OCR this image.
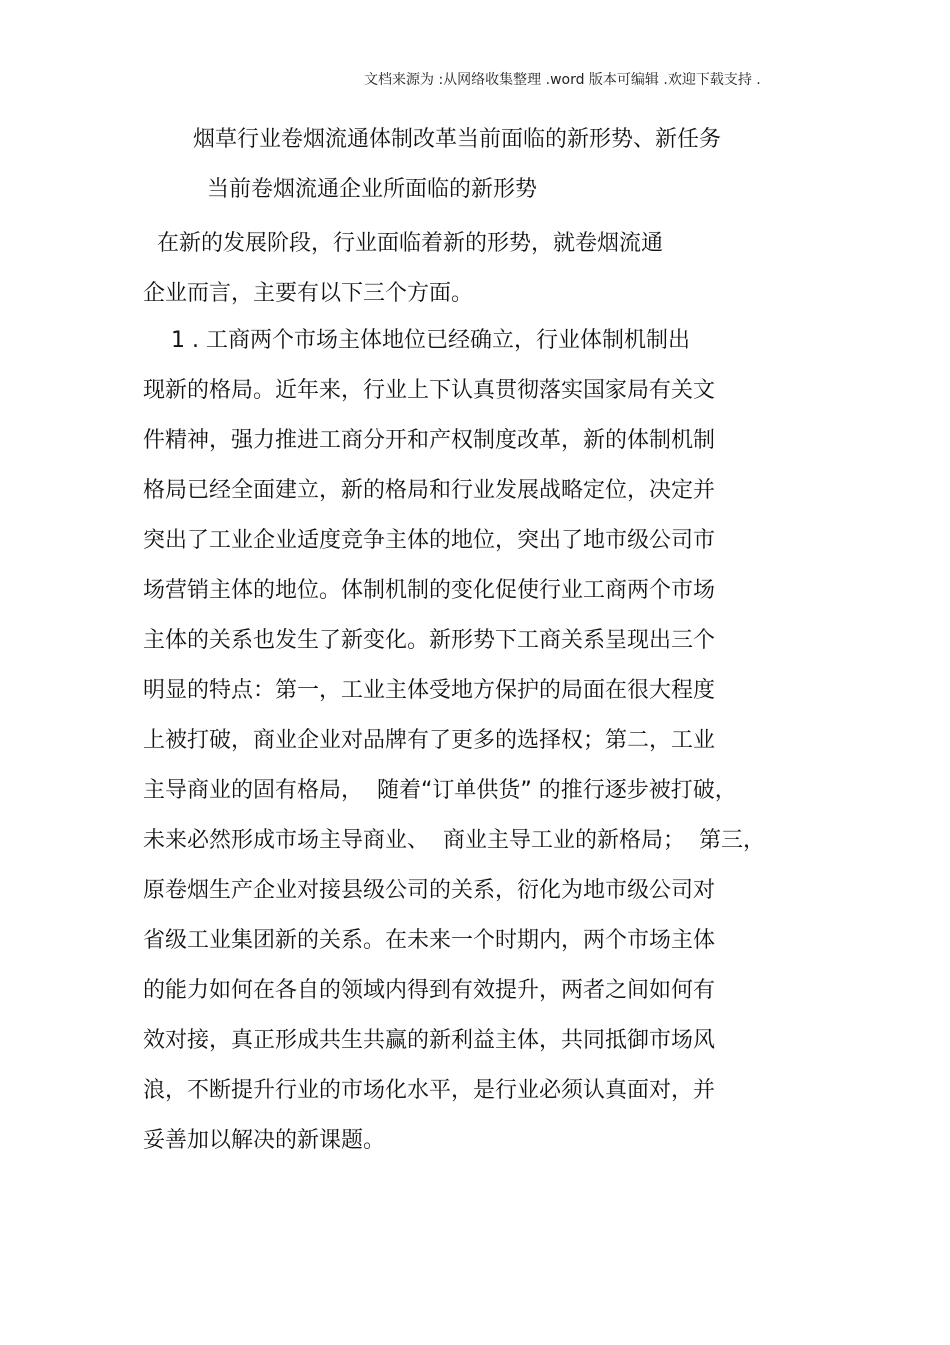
文档来源为 :从网络收集整理 .word 版本可编辑 .欢迎下载支持 .
烟草行业卷烟流通体制改革当前面临的新形势、新任务
当前卷烟流通企业所面临的新形势
在新的发展阶段，行业面临着新的形势，就卷烟流通
企业而言，主要有以下三个方面。
1 . 工商两个市场主体地位已经确立，行业体制机制出
现新的格局。近年来，行业上下认真贯彻落实国家局有关文
件精神，强力推进工商分开和产权制度改革，新的体制机制
格局已经全面建立，新的格局和行业发展战略定位，决定并
突出了工业企业适度竞争主体的地位，突出了地市级公司市
场营销主体的地位。体制机制的变化促使行业工商两个市场
主体的关系也发生了新变化。新形势下工商关系呈现出三个
明显的特点：第一，工业主体受地方保护的局面在很大程度
上被打破，商业企业对品牌有了更多的选择权；第二，工业
主导商业的固有格局，  随着“订单供货” 的推行逐步被打破，
未来必然形成市场主导商业、  商业主导工业的新格局；  第三，
原卷烟生产企业对接县级公司的关系，衍化为地市级公司对
省级工业集团新的关系。在未来一个时期内，两个市场主体
的能力如何在各自的领域内得到有效提升，两者之间如何有
效对接，真正形成共生共赢的新利益主体，共同抵御市场风
浪，不断提升行业的市场化水平，是行业必须认真面对，并
妥善加以解决的新课题。
